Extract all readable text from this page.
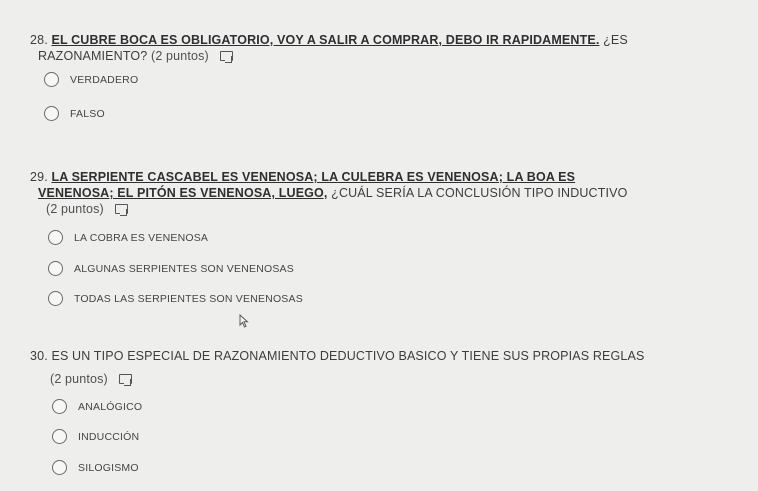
28. EL CUBRE BOCA ES OBLIGATORIO, VOY A SALIR A COMPRAR, DEBO IR RAPIDAMENTE. ¿ES
RAZONAMIENTO? (2 puntos)
VERDADERO
FALSO
29. LA SERPIENTE CASCABEL ES VENENOSA; LA CULEBRA ES VENENOSA; LA BOA ES
VENENOSA; EL PITÓN ES VENENOSA, LUEGO, ¿CUÁL SERÍA LA CONCLUSIÓN TIPO INDUCTIVO
(2 puntos)
LA COBRA ES VENENOSA
ALGUNAS SERPIENTES SON VENENOSAS
TODAS LAS SERPIENTES SON VENENOSAS
30. ES UN TIPO ESPECIAL DE RAZONAMIENTO DEDUCTIVO BASICO Y TIENE SUS PROPIAS REGLAS
(2 puntos)
ANALÓGICO
INDUCCIÓN
SILOGISMO
